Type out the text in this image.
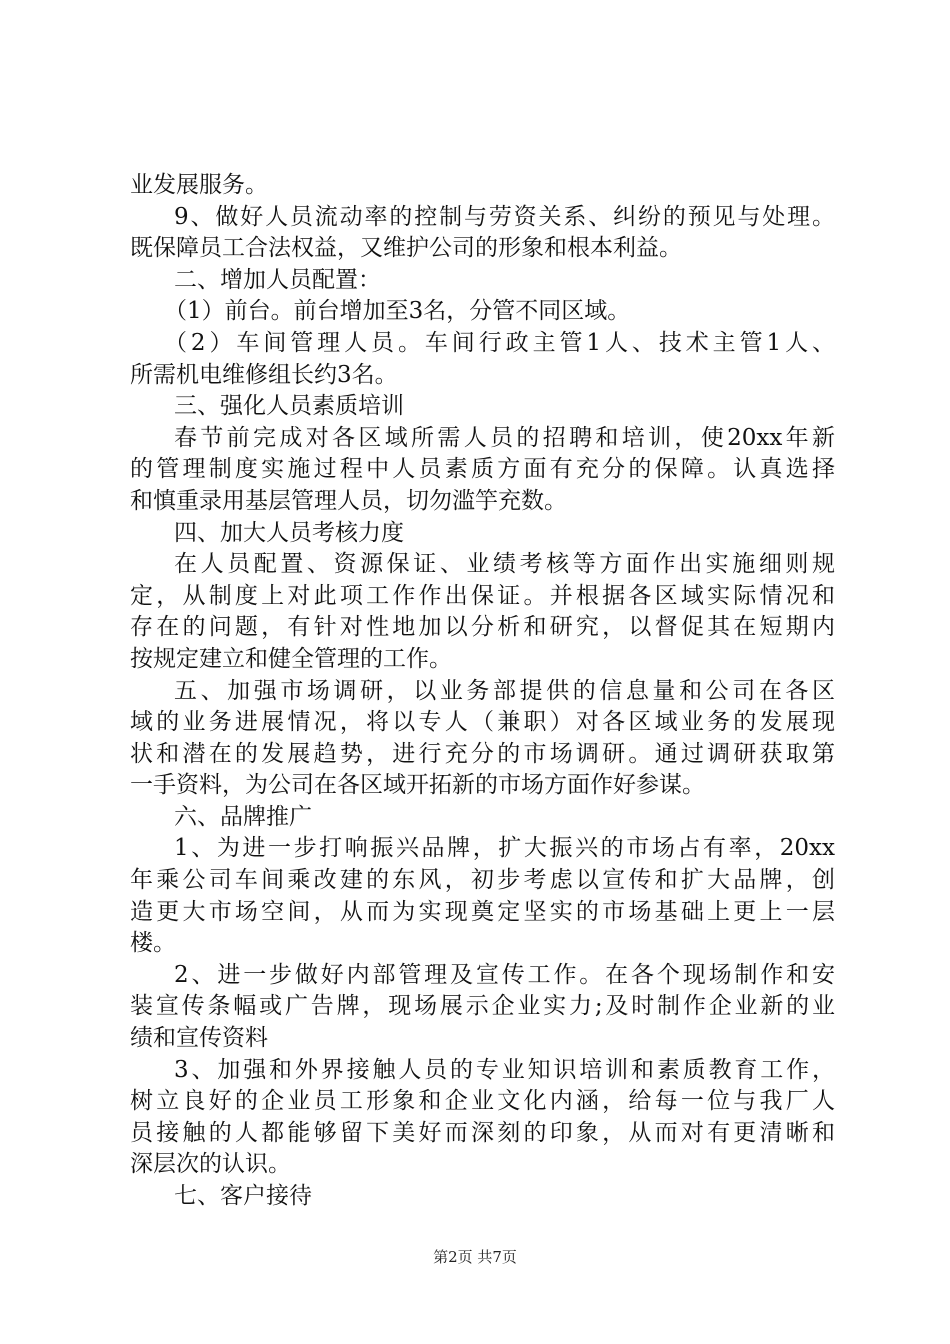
业发展服务。
9、做好人员流动率的控制与劳资关系、纠纷的预见与处理。
既保障员工合法权益，又维护公司的形象和根本利益。
二、增加人员配置：
（1）前台。前台增加至3名，分管不同区域。
（2）车间管理人员。车间行政主管1人、技术主管1人、
所需机电维修组长约3名。
三、强化人员素质培训
春节前完成对各区域所需人员的招聘和培训，使20xx年新
的管理制度实施过程中人员素质方面有充分的保障。认真选择
和慎重录用基层管理人员，切勿滥竽充数。
四、加大人员考核力度
在人员配置、资源保证、业绩考核等方面作出实施细则规
定，从制度上对此项工作作出保证。并根据各区域实际情况和
存在的问题，有针对性地加以分析和研究，以督促其在短期内
按规定建立和健全管理的工作。
五、加强市场调研，以业务部提供的信息量和公司在各区
域的业务进展情况，将以专人（兼职）对各区域业务的发展现
状和潜在的发展趋势，进行充分的市场调研。通过调研获取第
一手资料，为公司在各区域开拓新的市场方面作好参谋。
六、品牌推广
1、为进一步打响振兴品牌，扩大振兴的市场占有率，20xx
年乘公司车间乘改建的东风，初步考虑以宣传和扩大品牌，创
造更大市场空间，从而为实现奠定坚实的市场基础上更上一层
楼。
2、进一步做好内部管理及宣传工作。在各个现场制作和安
装宣传条幅或广告牌，现场展示企业实力;及时制作企业新的业
绩和宣传资料
3、加强和外界接触人员的专业知识培训和素质教育工作，
树立良好的企业员工形象和企业文化内涵，给每一位与我厂人
员接触的人都能够留下美好而深刻的印象，从而对有更清晰和
深层次的认识。
七、客户接待
第2页 共7页
